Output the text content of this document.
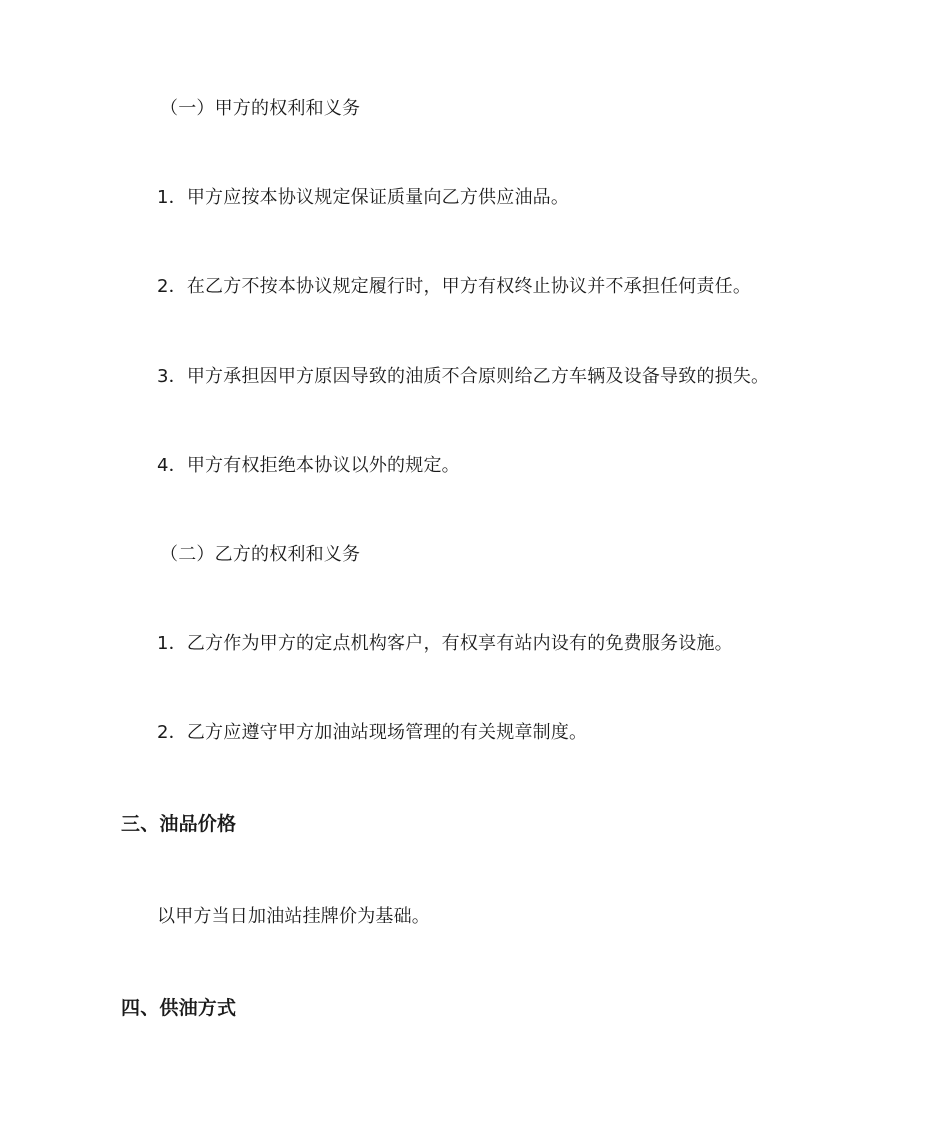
（一）甲方的权利和义务
1．甲方应按本协议规定保证质量向乙方供应油品。
2．在乙方不按本协议规定履行时，甲方有权终止协议并不承担任何责任。
3．甲方承担因甲方原因导致的油质不合原则给乙方车辆及设备导致的损失。
4．甲方有权拒绝本协议以外的规定。
（二）乙方的权利和义务
1．乙方作为甲方的定点机构客户，有权享有站内设有的免费服务设施。
2．乙方应遵守甲方加油站现场管理的有关规章制度。
三、油品价格
以甲方当日加油站挂牌价为基础。
四、供油方式
